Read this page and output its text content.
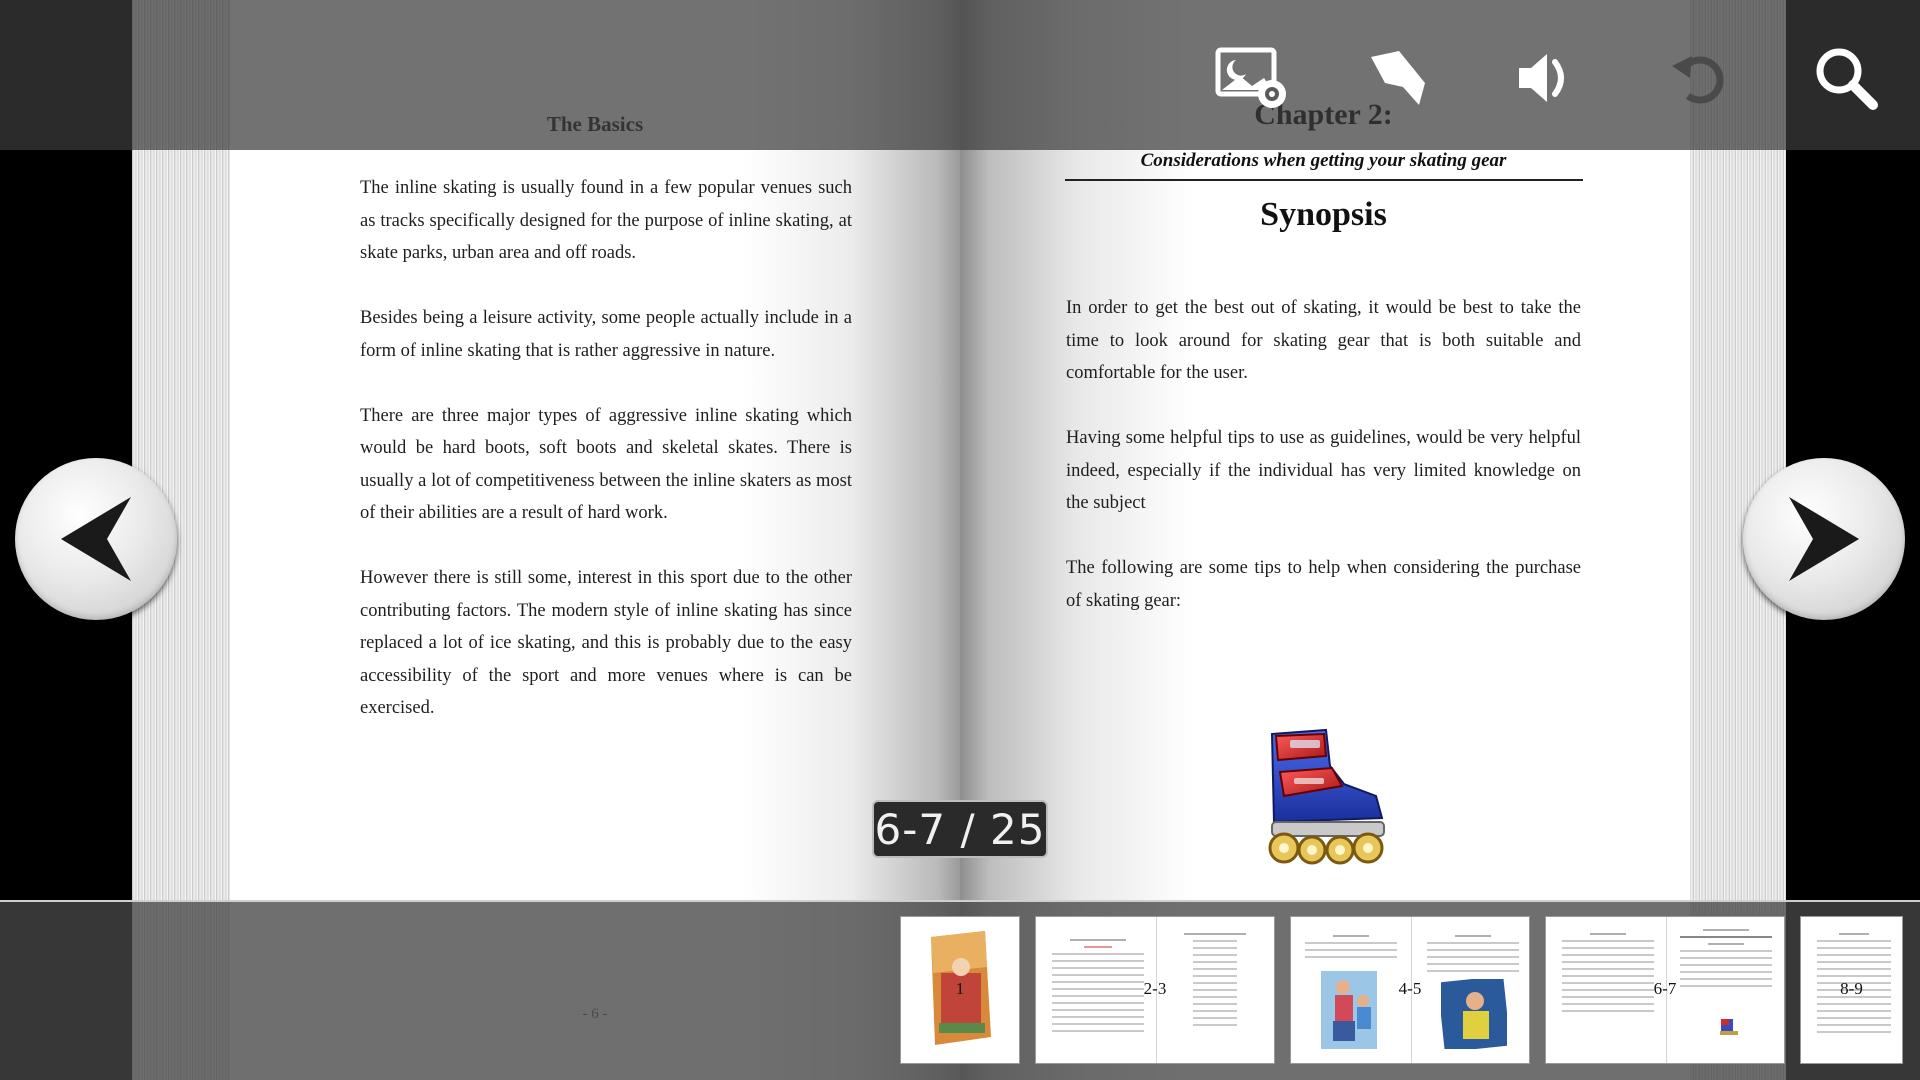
The inline skating is usually found in a few popular venues such as tracks specifically designed for the purpose of inline skating, at skate parks, urban area and off roads.

Besides being a leisure activity, some people actually include in a form of inline skating that is rather aggressive in nature.

There are three major types of aggressive inline skating which would be hard boots, soft boots and skeletal skates. There is usually a lot of competitiveness between the inline skaters as most of their abilities are a result of hard work.

However there is still some, interest in this sport due to the other contributing factors. The modern style of inline skating has since replaced a lot of ice skating, and this is probably due to the easy accessibility of the sport and more venues where is can be exercised.

Considerations when getting your skating gear
Synopsis

In order to get the best out of skating, it would be best to take the time to look around for skating gear that is both suitable and comfortable for the user.

Having some helpful tips to use as guidelines, would be very helpful indeed, especially if the individual has very limited knowledge on the subject

The following are some tips to help when considering the purchase of skating gear:

6-7 / 25
1	2-3	4-5	6-7	8-9
